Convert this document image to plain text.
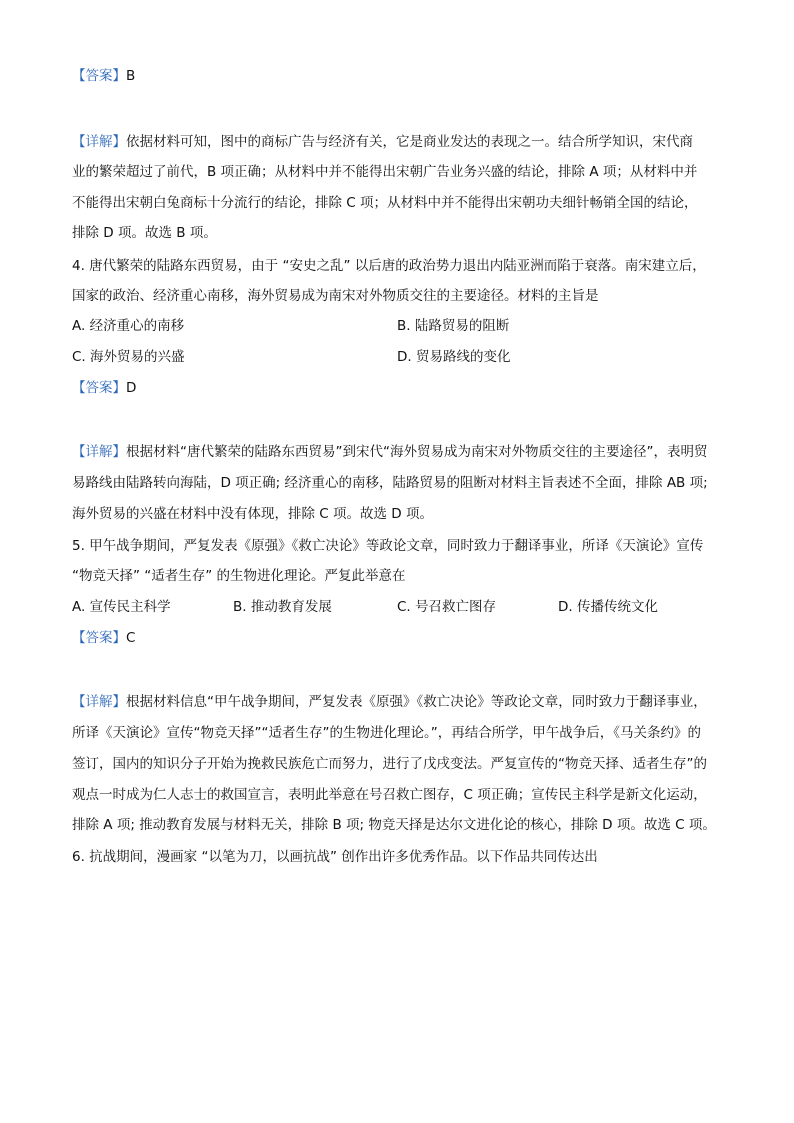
【答案】B
【详解】依据材料可知，图中的商标广告与经济有关，它是商业发达的表现之一。结合所学知识，宋代商
业的繁荣超过了前代，B 项正确；从材料中并不能得出宋朝广告业务兴盛的结论，排除 A 项；从材料中并
不能得出宋朝白兔商标十分流行的结论，排除 C 项；从材料中并不能得出宋朝功夫细针畅销全国的结论，
排除 D 项。故选 B 项。
4. 唐代繁荣的陆路东西贸易，由于 “安史之乱” 以后唐的政治势力退出内陆亚洲而陷于衰落。南宋建立后，
国家的政治、经济重心南移，海外贸易成为南宋对外物质交往的主要途径。材料的主旨是
A. 经济重心的南移	B. 陆路贸易的阻断
C. 海外贸易的兴盛	D. 贸易路线的变化
【答案】D
【详解】根据材料“唐代繁荣的陆路东西贸易”到宋代“海外贸易成为南宋对外物质交往的主要途径”，表明贸
易路线由陆路转向海陆，D 项正确; 经济重心的南移，陆路贸易的阻断对材料主旨表述不全面，排除 AB 项;
海外贸易的兴盛在材料中没有体现，排除 C 项。故选 D 项。
5. 甲午战争期间，严复发表《原强》《救亡决论》等政论文章，同时致力于翻译事业，所译《天演论》宣传
“物竞天择” “适者生存” 的生物进化理论。严复此举意在
A. 宣传民主科学	B. 推动教育发展	C. 号召救亡图存	D. 传播传统文化
【答案】C
【详解】根据材料信息“甲午战争期间，严复发表《原强》《救亡决论》等政论文章，同时致力于翻译事业，
所译《天演论》宣传“物竞天择”“适者生存”的生物进化理论。”，再结合所学，甲午战争后，《马关条约》的
签订，国内的知识分子开始为挽救民族危亡而努力，进行了戊戌变法。严复宣传的“物竞天择、适者生存”的
观点一时成为仁人志士的救国宣言，表明此举意在号召救亡图存，C 项正确；宣传民主科学是新文化运动，
排除 A 项; 推动教育发展与材料无关，排除 B 项; 物竞天择是达尔文进化论的核心，排除 D 项。故选 C 项。
6. 抗战期间，漫画家 “以笔为刀，以画抗战” 创作出许多优秀作品。以下作品共同传达出
